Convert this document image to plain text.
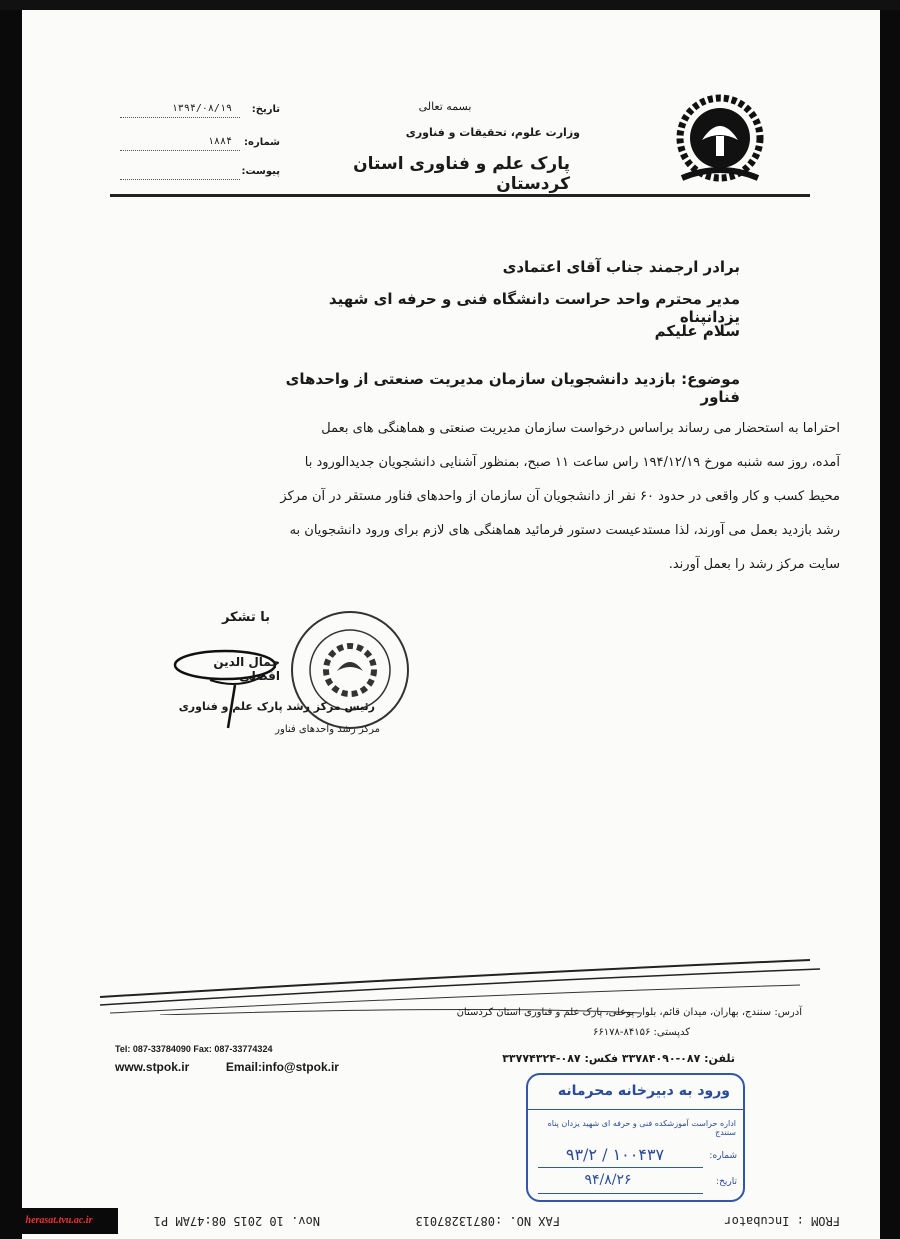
بسمه تعالی
وزارت علوم، تحقیقات و فناوری
پارک علم و فناوری استان کردستان
تاریخ:
۱۳۹۴/۰۸/۱۹
شماره:
۱۸۸۴
پیوست:
برادر ارجمند جناب آقای اعتمادی
مدیر محترم واحد حراست دانشگاه فنی و حرفه ای شهید یزدانپناه
سلام علیکم
موضوع: بازدید دانشجویان سازمان مدیریت صنعتی از واحدهای فناور
احتراما به استحضار می رساند براساس درخواست سازمان مدیریت صنعتی و هماهنگی های بعمل
آمده، روز سه شنبه مورخ ۱۹۴/۱۲/۱۹ راس ساعت ۱۱ صبح، بمنظور آشنایی دانشجویان جدیدالورود با
محیط کسب و کار واقعی در حدود ۶۰ نفر از دانشجویان آن سازمان از واحدهای فناور مستقر در آن مرکز
رشد بازدید بعمل می آورند، لذا مستدعیست دستور فرمائید هماهنگی های لازم برای ورود دانشجویان به
سایت مرکز رشد را بعمل آورند.
با تشکر
جمال الدین افضلی
رئیس مرکز رشد پارک علم و فناوری
مرکز رشد واحدهای فناور
آدرس: سنندج، بهاران، میدان قائم، بلوار پوعلی، پارک علم و فناوری استان کردستان
کدپستی: ۸۴۱۵۶-۶۶۱۷۸
تلفن: ۰۸۷-۳۳۷۸۴۰۹۰ فکس: ۰۸۷-۳۳۷۷۴۳۲۴
Tel: 087-33784090 Fax: 087-33774324
www.stpok.ir	Email:info@stpok.ir
ورود به دبیرخانه محرمانه
اداره حراست آموزشکده فنی و حرفه ای شهید یزدان پناه سنندج
شماره:
۱۰۰۴۳۷ / ۹۳/۲
تاریخ:
۹۴/۸/۲۶
FROM : Incubator
FAX NO. :08713287013
Nov. 10 2015 08:47AM P1
herasat.tvu.ac.ir
